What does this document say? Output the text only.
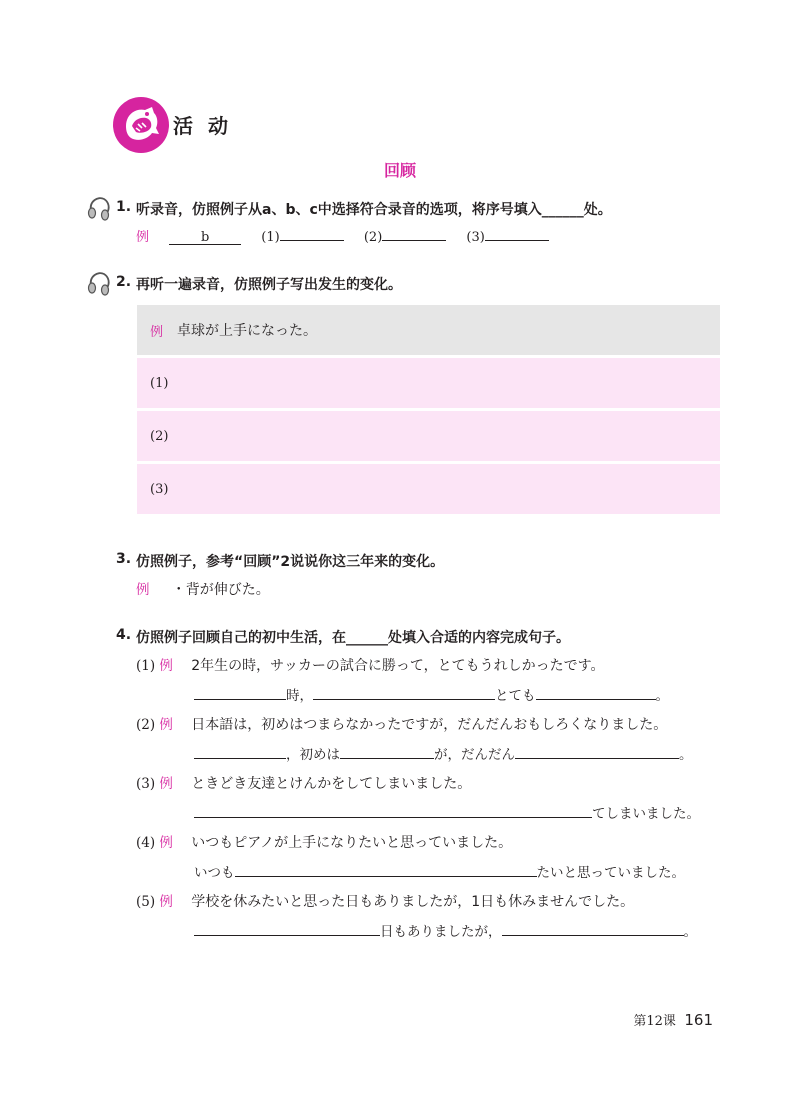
活 动
回顾
1. 听录音，仿照例子从a、b、c中选择符合录音的选项，将序号填入______处。
例	b	(1)	(2)	(3)
2. 再听一遍录音，仿照例子写出发生的变化。
例 卓球が上手になった。
(1)
(2)
(3)
3. 仿照例子，参考“回顾”2说说你这三年来的变化。
例 ・背が伸びた。
4. 仿照例子回顾自己的初中生活，在______处填入合适的内容完成句子。
(1) 例 2年生の時，サッカーの試合に勝って，とてもうれしかったです。
時，	とても	。
(2) 例 日本語は，初めはつまらなかったですが，だんだんおもしろくなりました。
，初めは	が，だんだん	。
(3) 例 ときどき友達とけんかをしてしまいました。
てしまいました。
(4) 例 いつもピアノが上手になりたいと思っていました。
いつも	たいと思っていました。
(5) 例 学校を休みたいと思った日もありましたが，1日も休みませんでした。
日もありましたが，	。
第12课 161
